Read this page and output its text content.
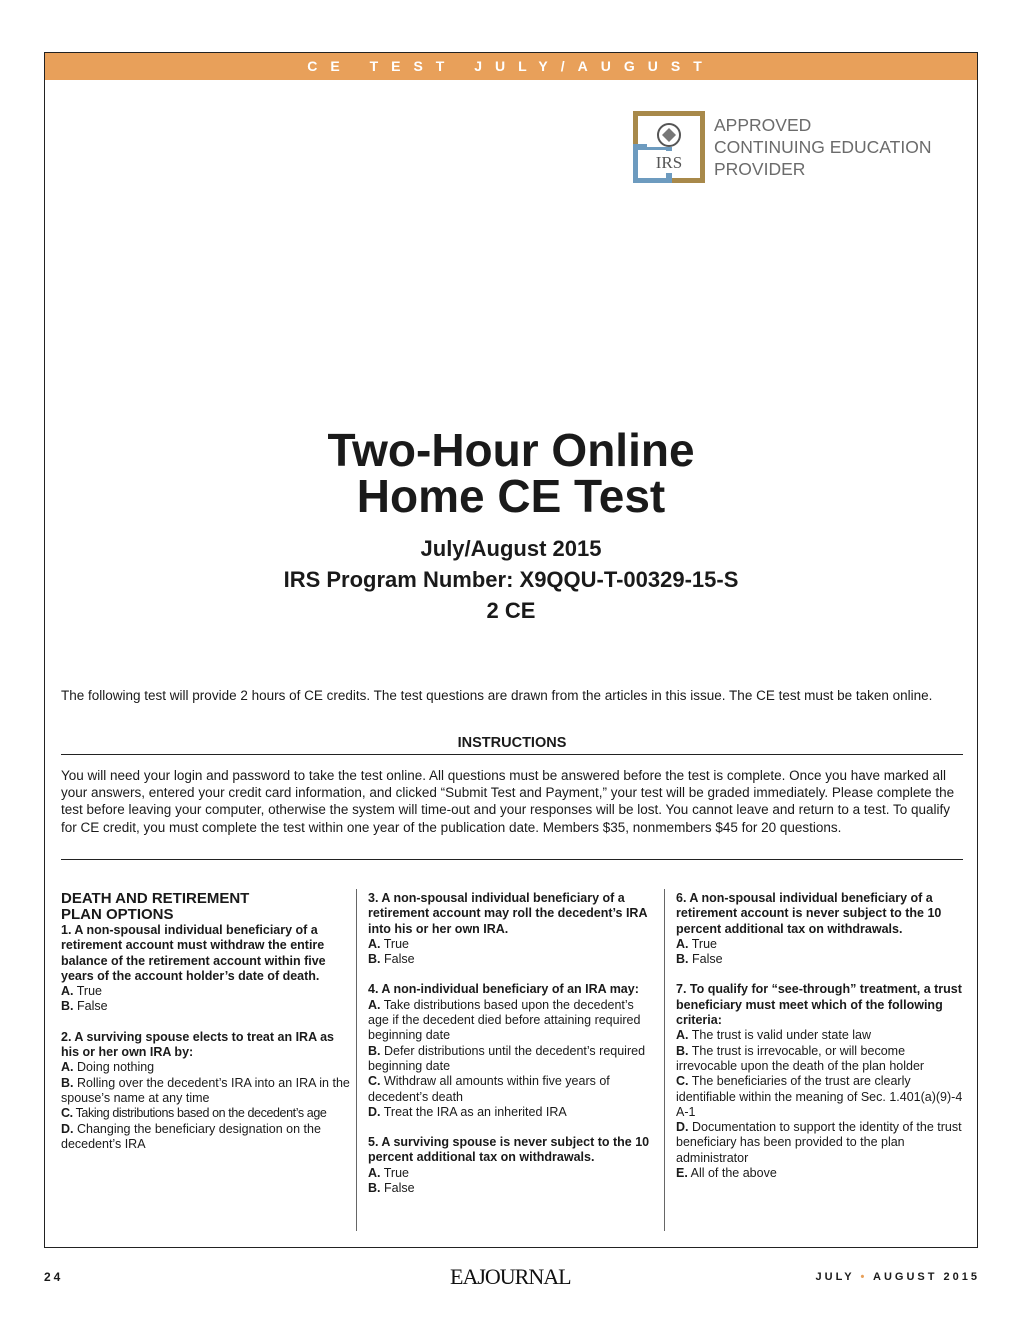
CE TEST JULY/AUGUST
IRS
APPROVED
CONTINUING EDUCATION
PROVIDER
Two-Hour Online
Home CE Test
July/August 2015
IRS Program Number: X9QQU-T-00329-15-S
2 CE
The following test will provide 2 hours of CE credits. The test questions are drawn from the articles in this issue. The CE test must be taken online.
INSTRUCTIONS
You will need your login and password to take the test online. All questions must be answered before the test is complete. Once you have marked all your answers, entered your credit card information, and clicked “Submit Test and Payment,” your test will be graded immediately. Please complete the test before leaving your computer, otherwise the system will time-out and your responses will be lost. You cannot leave and return to a test. To qualify for CE credit, you must complete the test within one year of the publication date. Members $35, nonmembers $45 for 20 questions.
DEATH AND RETIREMENT
PLAN OPTIONS
1. A non-spousal individual beneficiary of a retirement account must withdraw the entire balance of the retirement account within five years of the account holder’s date of death.
A. True
B. False
2. A surviving spouse elects to treat an IRA as his or her own IRA by:
A. Doing nothing
B. Rolling over the decedent’s IRA into an IRA in the spouse’s name at any time
C. Taking distributions based on the decedent’s age
D. Changing the beneficiary designation on the decedent’s IRA
3. A non-spousal individual beneficiary of a retirement account may roll the decedent’s IRA into his or her own IRA.
A. True
B. False
4. A non-individual beneficiary of an IRA may:
A. Take distributions based upon the decedent’s age if the decedent died before attaining required beginning date
B. Defer distributions until the decedent’s required beginning date
C. Withdraw all amounts within five years of decedent’s death
D. Treat the IRA as an inherited IRA
5. A surviving spouse is never subject to the 10 percent additional tax on withdrawals.
A. True
B. False
6. A non-spousal individual beneficiary of a retirement account is never subject to the 10 percent additional tax on withdrawals.
A. True
B. False
7. To qualify for “see-through” treatment, a trust beneficiary must meet which of the following criteria:
A. The trust is valid under state law
B. The trust is irrevocable, or will become irrevocable upon the death of the plan holder
C. The beneficiaries of the trust are clearly identifiable within the meaning of Sec. 1.401(a)(9)-4 A-1
D. Documentation to support the identity of the trust beneficiary has been provided to the plan administrator
E. All of the above
24	EAJOURNAL	JULY • AUGUST 2015
